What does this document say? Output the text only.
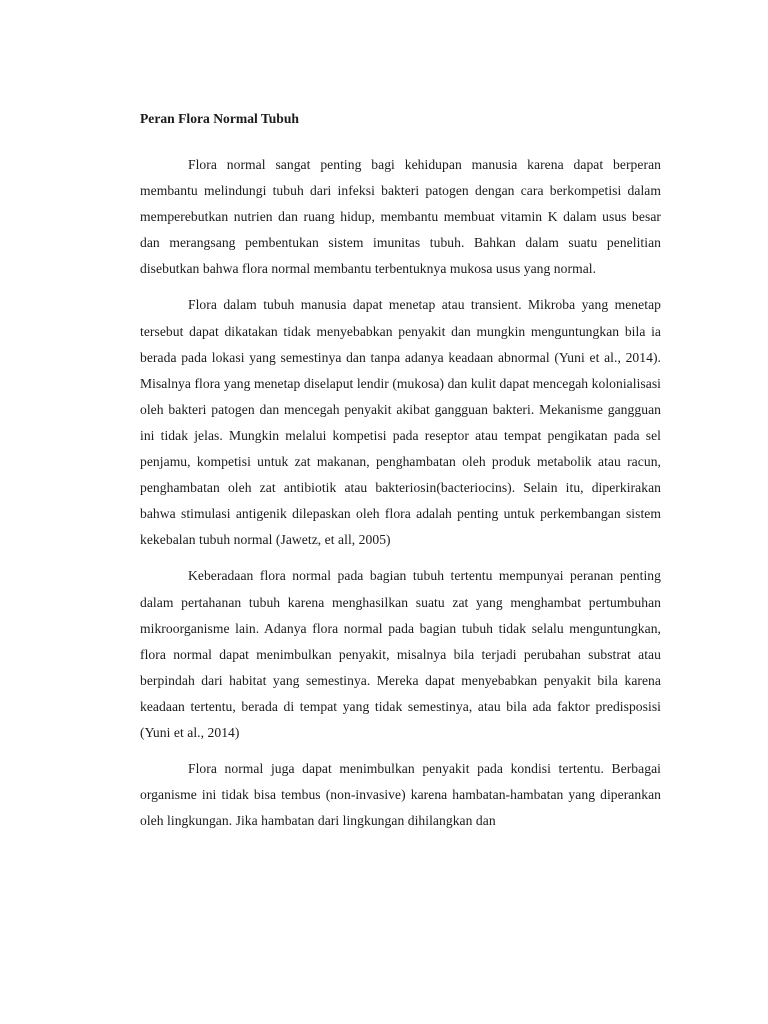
Peran Flora Normal Tubuh

Flora normal sangat penting bagi kehidupan manusia karena dapat berperan membantu melindungi tubuh dari infeksi bakteri patogen dengan cara berkompetisi dalam memperebutkan nutrien dan ruang hidup, membantu membuat vitamin K dalam usus besar dan merangsang pembentukan sistem imunitas tubuh. Bahkan dalam suatu penelitian disebutkan bahwa flora normal membantu terbentuknya mukosa usus yang normal.

Flora dalam tubuh manusia dapat menetap atau transient. Mikroba yang menetap tersebut dapat dikatakan tidak menyebabkan penyakit dan mungkin menguntungkan bila ia berada pada lokasi yang semestinya dan tanpa adanya keadaan abnormal (Yuni et al., 2014). Misalnya flora yang menetap diselaput lendir (mukosa) dan kulit dapat mencegah kolonialisasi oleh bakteri patogen dan mencegah penyakit akibat gangguan bakteri. Mekanisme gangguan ini tidak jelas. Mungkin melalui kompetisi pada reseptor atau tempat pengikatan pada sel penjamu, kompetisi untuk zat makanan, penghambatan oleh produk metabolik atau racun, penghambatan oleh zat antibiotik atau bakteriosin(bacteriocins). Selain itu, diperkirakan bahwa stimulasi antigenik dilepaskan oleh flora adalah penting untuk perkembangan sistem kekebalan tubuh normal (Jawetz, et all, 2005)

Keberadaan flora normal pada bagian tubuh tertentu mempunyai peranan penting dalam pertahanan tubuh karena menghasilkan suatu zat yang menghambat pertumbuhan mikroorganisme lain. Adanya flora normal pada bagian tubuh tidak selalu menguntungkan, flora normal dapat menimbulkan penyakit, misalnya bila terjadi perubahan substrat atau berpindah dari habitat yang semestinya. Mereka dapat menyebabkan penyakit bila karena keadaan tertentu, berada di tempat yang tidak semestinya, atau bila ada faktor predisposisi (Yuni et al., 2014)

Flora normal juga dapat menimbulkan penyakit pada kondisi tertentu. Berbagai organisme ini tidak bisa tembus (non-invasive) karena hambatan-hambatan yang diperankan oleh lingkungan. Jika hambatan dari lingkungan dihilangkan dan
